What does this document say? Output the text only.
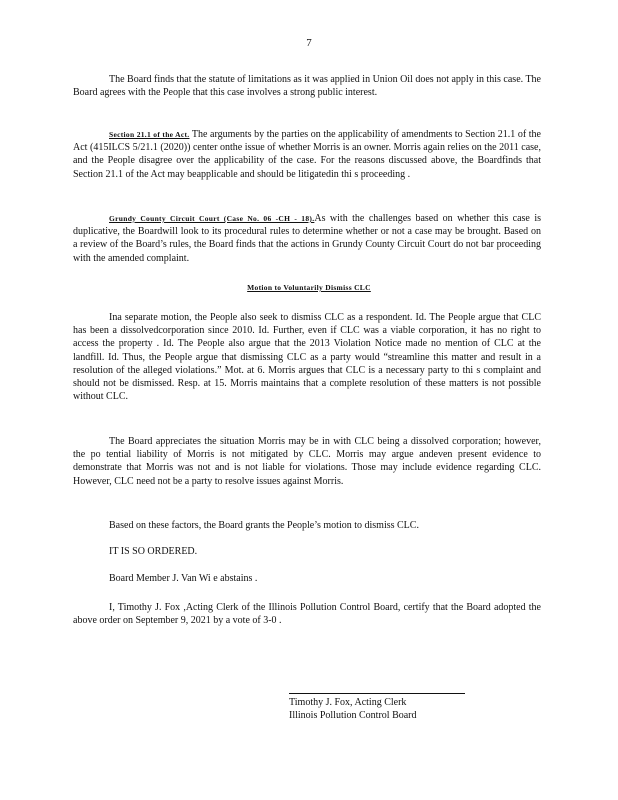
7

The Board finds that the statute of limitations as it was applied in Union Oil does not apply in this case. The Board agrees with the People that this case involves a strong public interest.

Section 21.1 of the Act. The arguments by the parties on the applicability of amendments to Section 21.1 of the Act (415ILCS 5/21.1 (2020)) center onthe issue of whether Morris is an owner. Morris again relies on the 2011 case, and the People disagree over the applicability of the case. For the reasons discussed above, the Boardfinds that Section 21.1 of the Act may beapplicable and should be litigatedin thi s proceeding .

Grundy County Circuit Court (Case No. 06 -CH - 18).As with the challenges based on whether this case is duplicative, the Boardwill look to its procedural rules to determine whether or not a case may be brought. Based on a review of the Board’s rules, the Board finds that the actions in Grundy County Circuit Court do not bar proceeding with the amended complaint.

Motion to Voluntarily Dismiss CLC

Ina separate motion, the People also seek to dismiss CLC as a respondent. Id. The People argue that CLC has been a dissolvedcorporation since 2010. Id. Further, even if CLC was a viable corporation, it has no right to access the property . Id. The People also argue that the 2013 Violation Notice made no mention of CLC at the landfill. Id. Thus, the People argue that dismissing CLC as a party would “streamline this matter and result in a resolution of the alleged violations.” Mot. at 6. Morris argues that CLC is a necessary party to thi s complaint and should not be dismissed. Resp. at 15. Morris maintains that a complete resolution of these matters is not possible without CLC.

The Board appreciates the situation Morris may be in with CLC being a dissolved corporation; however, the po tential liability of Morris is not mitigated by CLC. Morris may argue andeven present evidence to demonstrate that Morris was not and is not liable for violations. Those may include evidence regarding CLC. However, CLC need not be a party to resolve issues against Morris.

Based on these factors, the Board grants the People’s motion to dismiss CLC.

IT IS SO ORDERED.

Board Member J. Van Wi e abstains .

I, Timothy J. Fox ,Acting Clerk of the Illinois Pollution Control Board, certify that the Board adopted the above order on September 9, 2021 by a vote of 3-0 .

Timothy J. Fox, Acting Clerk
Illinois Pollution Control Board
